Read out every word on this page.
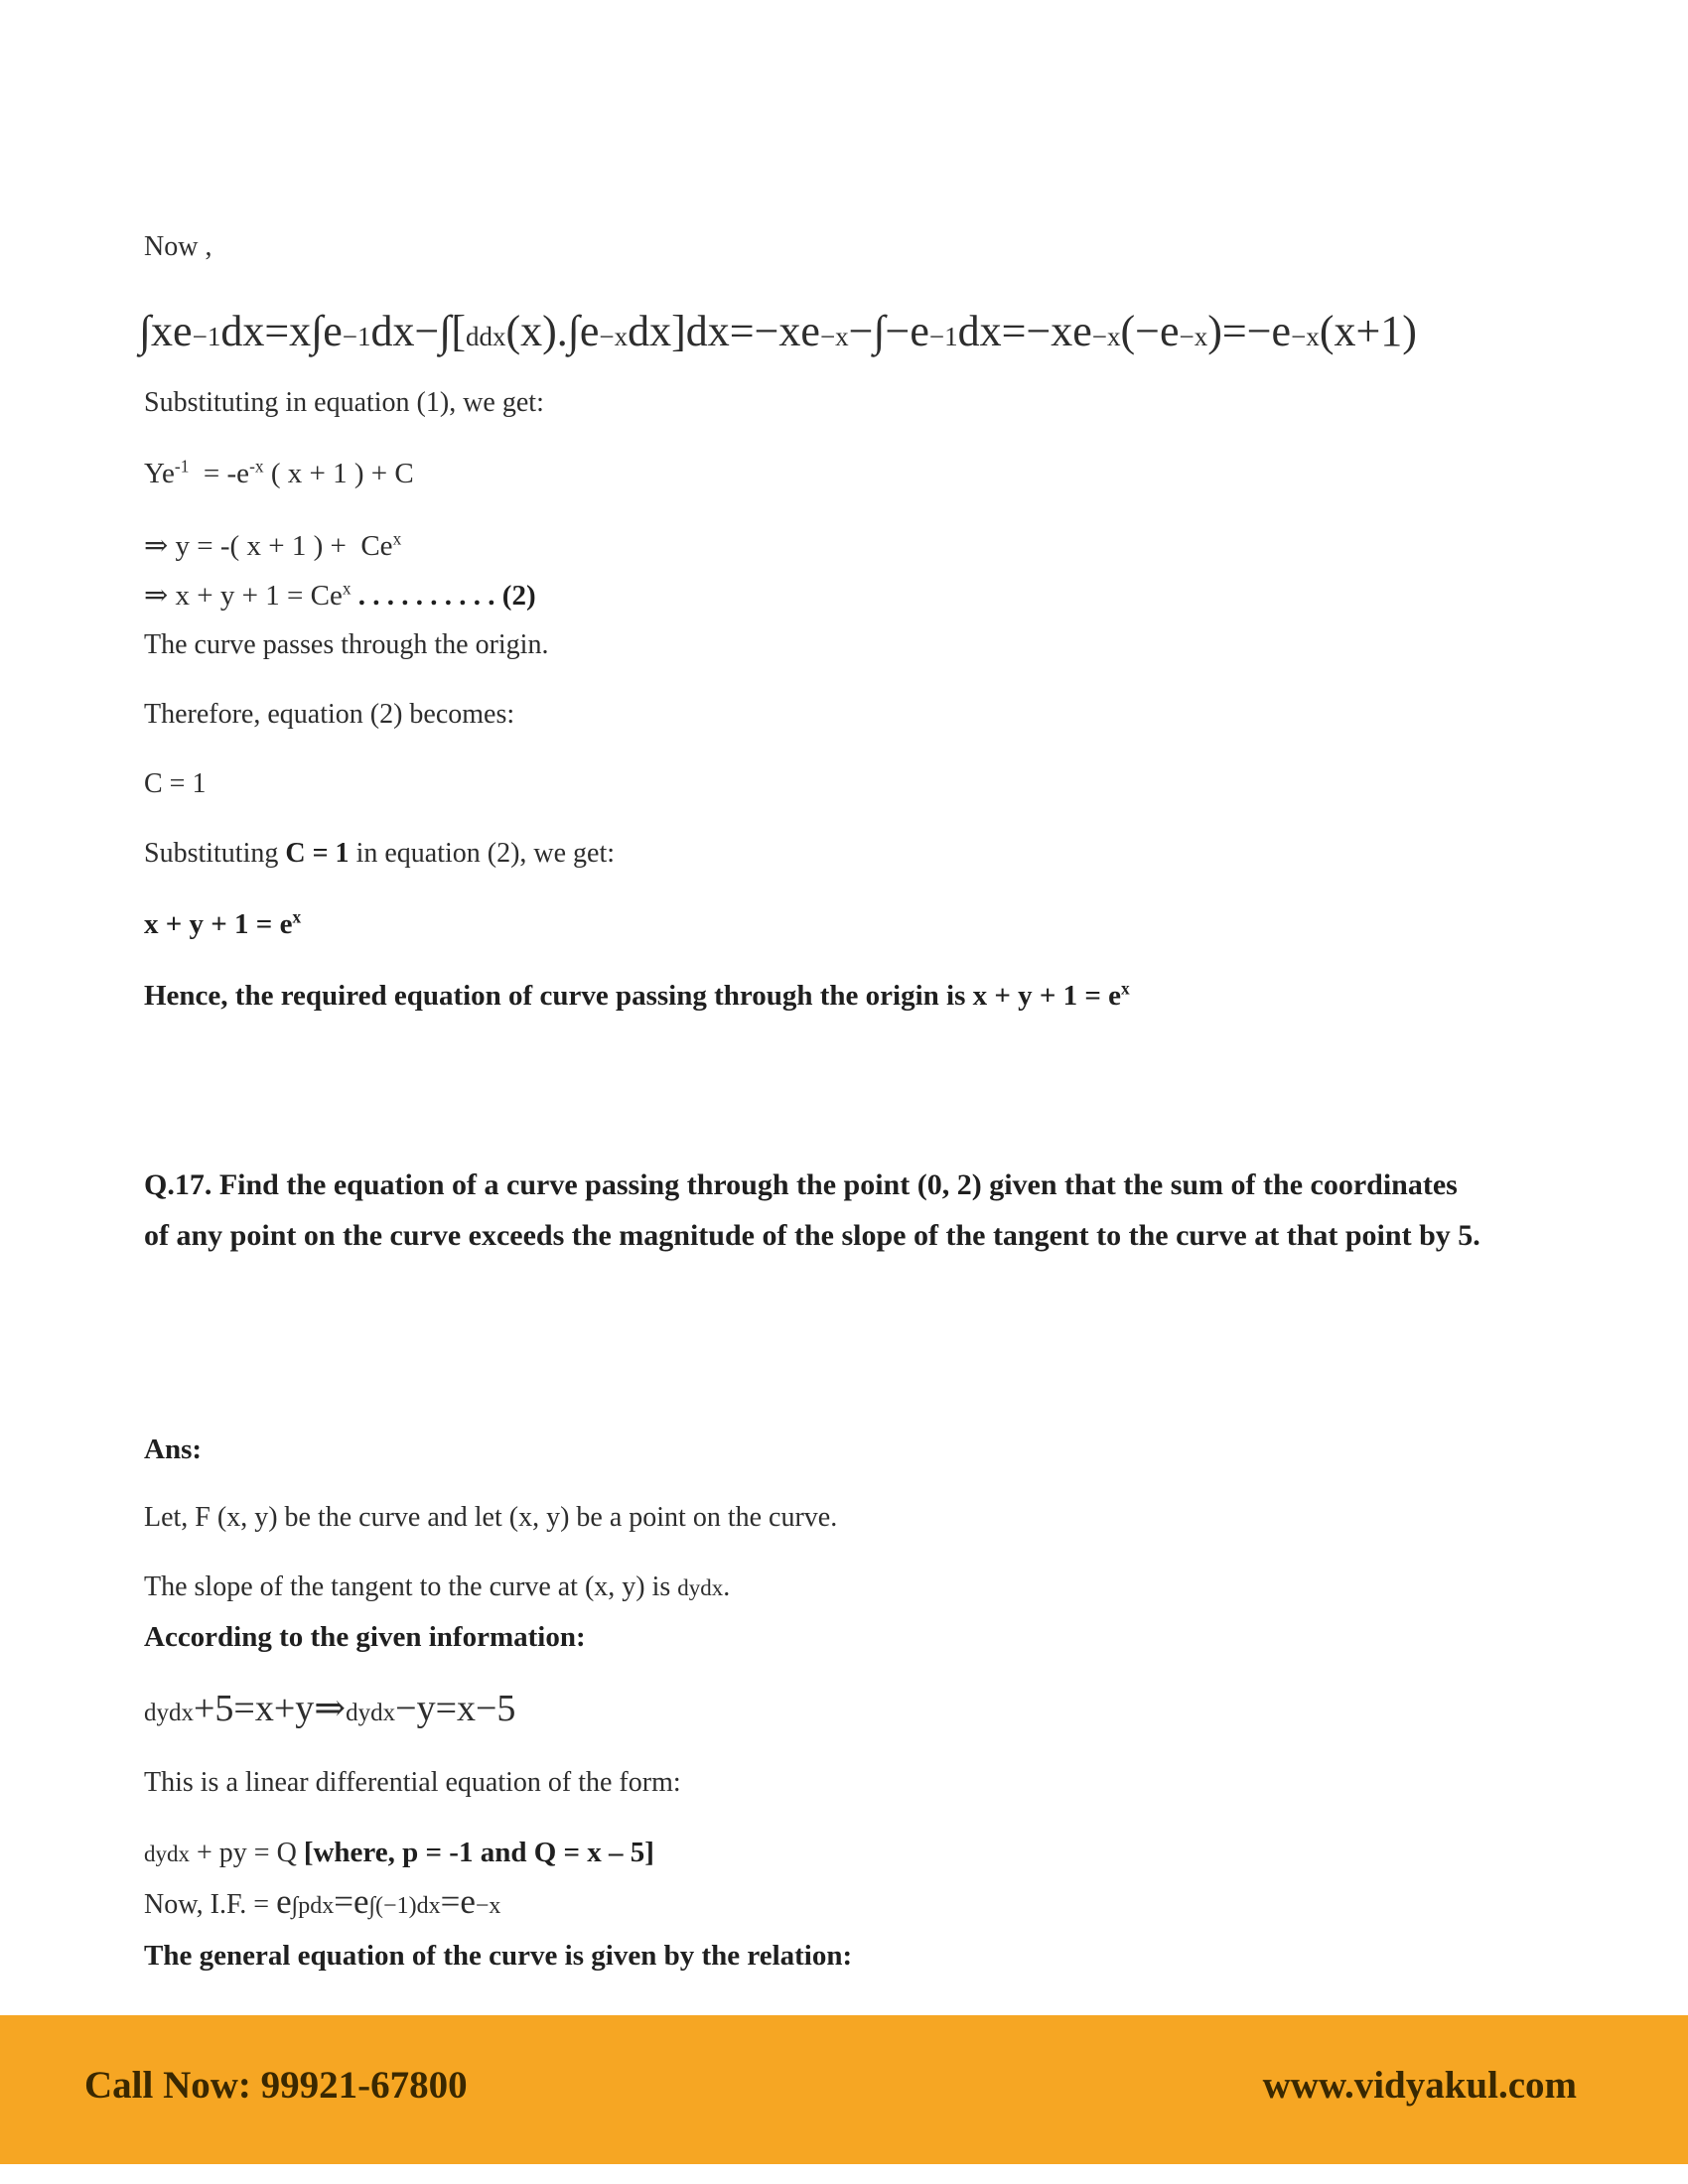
Now ,

∫xe−1dx=x∫e−1dx−∫[ddx(x).∫e−xdx]dx=−xe−x−∫−e−1dx=−xe−x(−e−x)=−e−x(x+1)

Substituting in equation (1), we get:

$Ye^{-1} = -e^{-x}$ ( x + 1 ) + C

⇒ y = -( x + 1 ) +  Ce$^x$

⇒ $x + y + 1 = Ce^x$ . . . . . . . . . . (2)

The curve passes through the origin.

Therefore, equation (2) becomes:

C = 1

Substituting C = 1 in equation (2), we get:

$x + y + 1 = e^x$

Hence, the required equation of curve passing through the origin is $x + y + 1 = e^x$

Q.17. Find the equation of a curve passing through the point (0, 2) given that the sum of the coordinates of any point on the curve exceeds the magnitude of the slope of the tangent to the curve at that point by 5.

Ans:

Let, F (x, y) be the curve and let (x, y) be a point on the curve.

The slope of the tangent to the curve at (x, y) is dydx.

According to the given information:

dydx+5=x+y⇒dydx−y=x−5

This is a linear differential equation of the form:

dydx + py = Q [where, p = -1 and Q = x – 5]

Now, I.F. = e∫pdx=e∫(−1)dx=e−x

The general equation of the curve is given by the relation:

Call Now: 99921-67800	www.vidyakul.com
